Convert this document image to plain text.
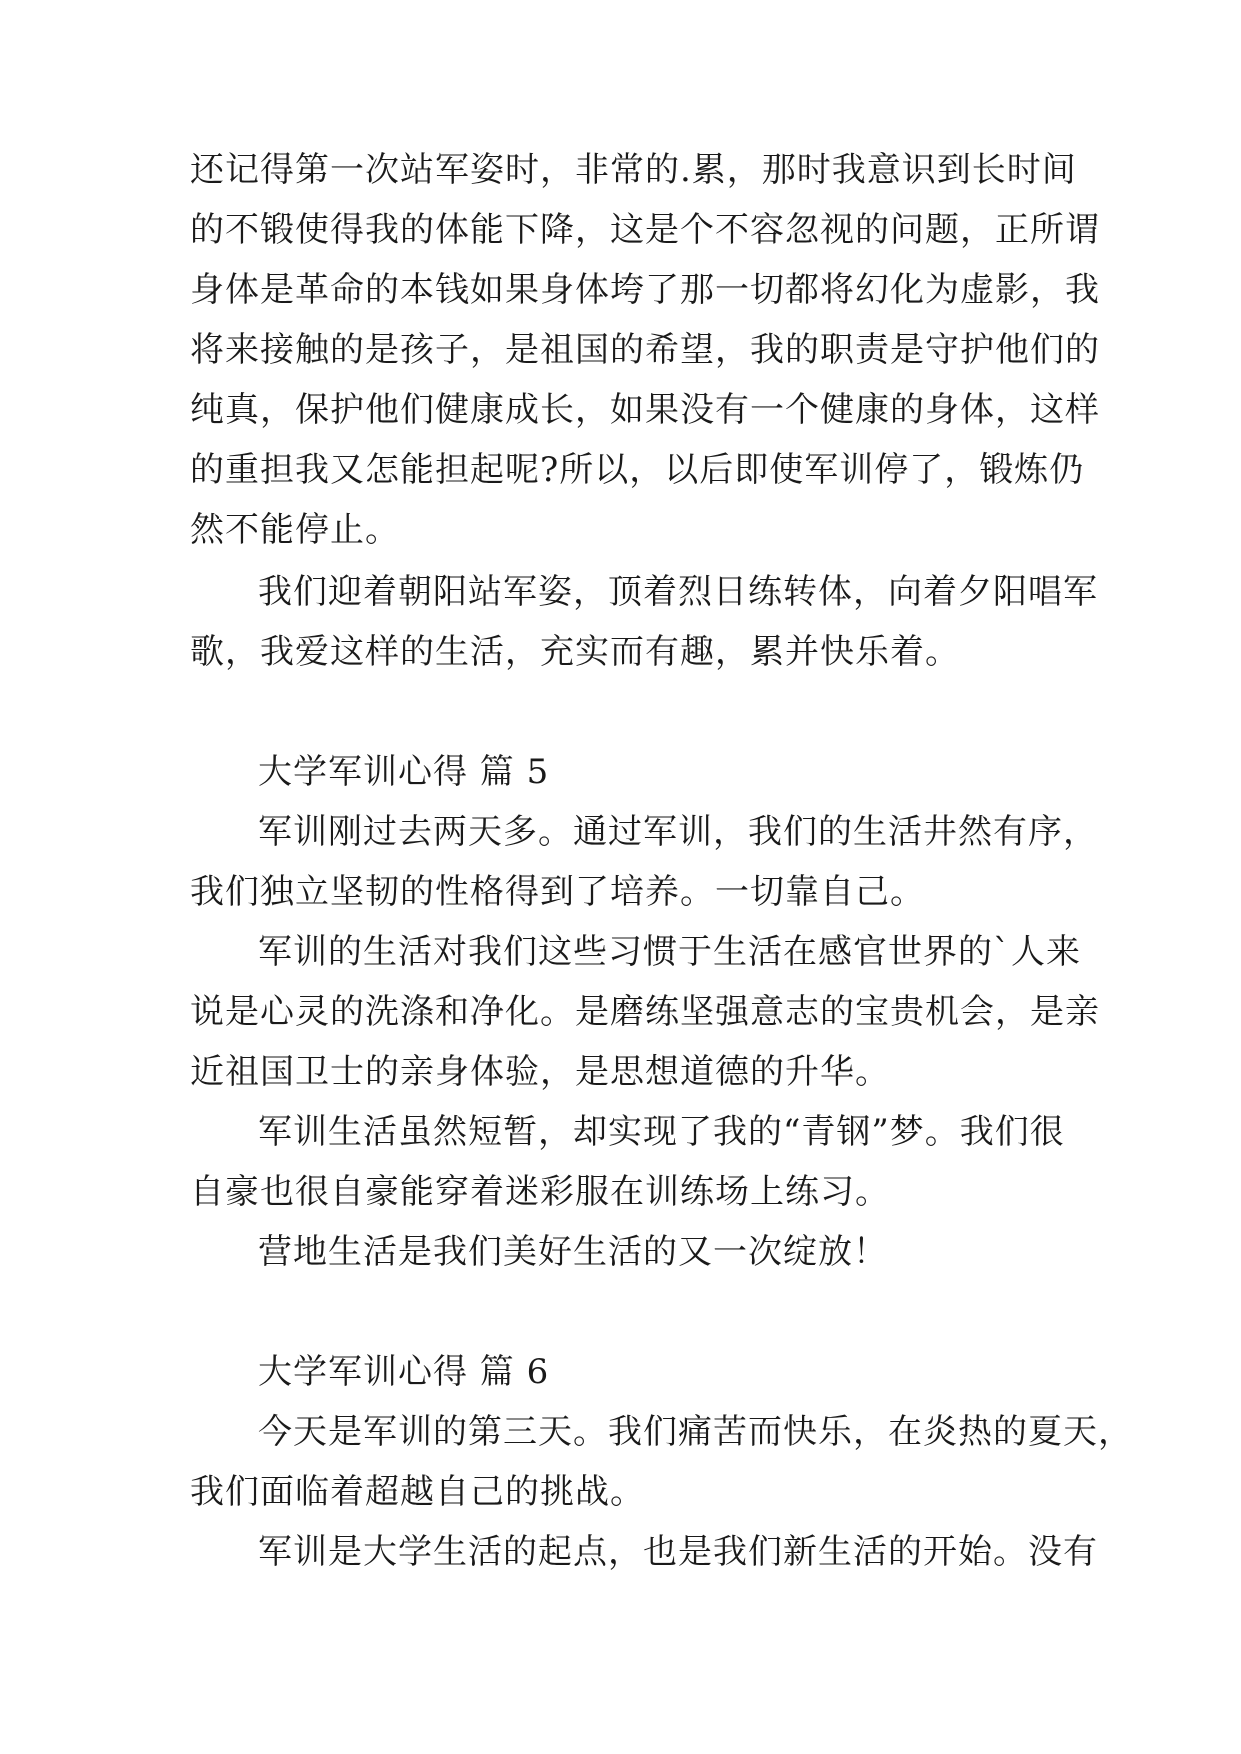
还记得第一次站军姿时，非常的.累，那时我意识到长时间
的不锻使得我的体能下降，这是个不容忽视的问题，正所谓
身体是革命的本钱如果身体垮了那一切都将幻化为虚影，我
将来接触的是孩子，是祖国的希望，我的职责是守护他们的
纯真，保护他们健康成长，如果没有一个健康的身体，这样
的重担我又怎能担起呢?所以，以后即使军训停了，锻炼仍
然不能停止。
我们迎着朝阳站军姿，顶着烈日练转体，向着夕阳唱军
歌，我爱这样的生活，充实而有趣，累并快乐着。
大学军训心得 篇 5
军训刚过去两天多。通过军训，我们的生活井然有序，
我们独立坚韧的性格得到了培养。一切靠自己。
军训的生活对我们这些习惯于生活在感官世界的`人来
说是心灵的洗涤和净化。是磨练坚强意志的宝贵机会，是亲
近祖国卫士的亲身体验，是思想道德的升华。
军训生活虽然短暂，却实现了我的“青钢”梦。我们很
自豪也很自豪能穿着迷彩服在训练场上练习。
营地生活是我们美好生活的又一次绽放！
大学军训心得 篇 6
今天是军训的第三天。我们痛苦而快乐，在炎热的夏天，
我们面临着超越自己的挑战。
军训是大学生活的起点，也是我们新生活的开始。没有
